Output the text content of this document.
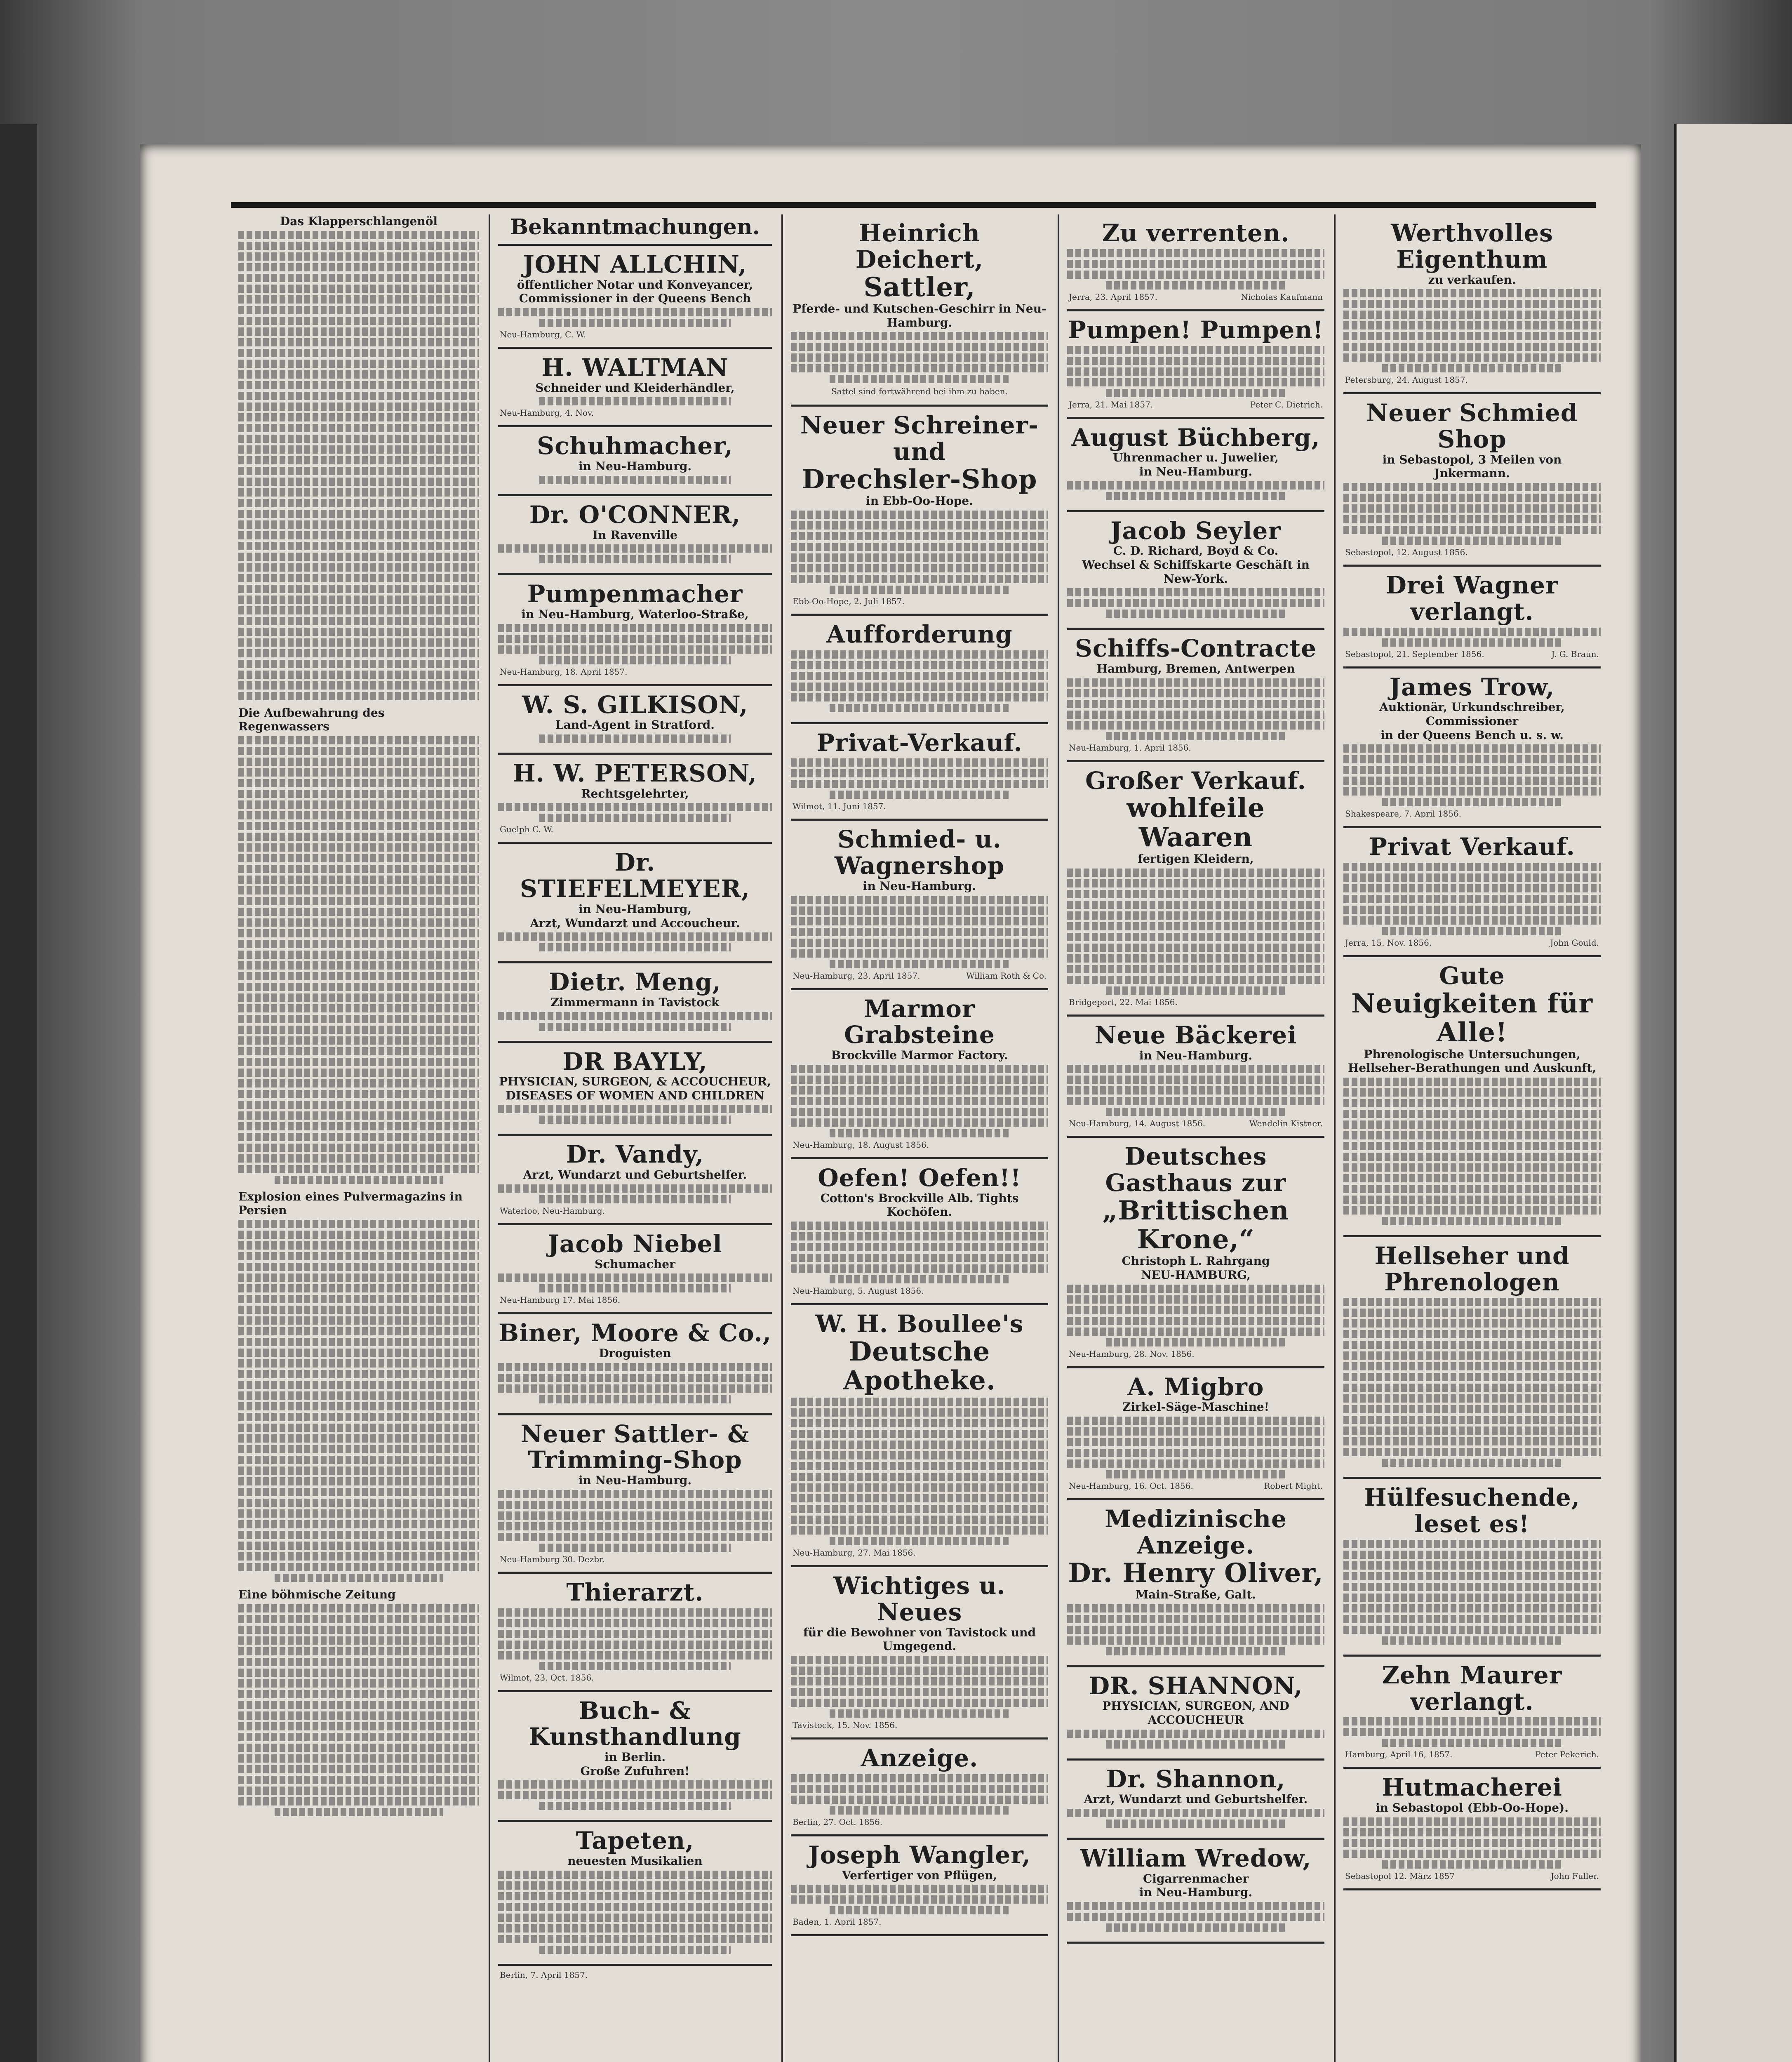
Das Klapperschlangenöl
Die Aufbewahrung des Regenwassers
Explosion eines Pulvermagazins in Persien
Eine böhmische Zeitung
Bekanntmachungen.
JOHN ALLCHIN,
öffentlicher Notar und Konveyancer,
Commissioner in der Queens Bench
Neu-Hamburg, C. W.
H. WALTMAN
Schneider und Kleiderhändler,
Neu-Hamburg, 4. Nov.
Schuhmacher,
in Neu-Hamburg.
Dr. O'CONNER,
In Ravenville
Pumpenmacher
in Neu-Hamburg, Waterloo-Straße,
Neu-Hamburg, 18. April 1857.
W. S. GILKISON,
Land-Agent in Stratford.
H. W. PETERSON,
Rechtsgelehrter,
Guelph C. W.
Dr. STIEFELMEYER,
in Neu-Hamburg,
Arzt, Wundarzt und Accoucheur.
Dietr. Meng,
Zimmermann in Tavistock
DR BAYLY,
PHYSICIAN, SURGEON, & ACCOUCHEUR,
DISEASES OF WOMEN AND CHILDREN
Dr. Vandy,
Arzt, Wundarzt und Geburtshelfer.
Waterloo, Neu-Hamburg.
Jacob Niebel
Schumacher
Neu-Hamburg 17. Mai 1856.
Biner, Moore & Co.,
Droguisten
Neuer Sattler- & Trimming-Shop
in Neu-Hamburg.
Neu-Hamburg 30. Dezbr.
Thierarzt.
Wilmot, 23. Oct. 1856.
Buch- & Kunsthandlung
in Berlin.
Große Zufuhren!
Tapeten,
neuesten Musikalien
Berlin, 7. April 1857.
Heinrich Deichert,
Sattler,
Pferde- und Kutschen-Geschirr in Neu-Hamburg.
Sattel sind fortwährend bei ihm zu haben.
Neuer Schreiner- und
Drechsler-Shop
in Ebb-Oo-Hope.
Ebb-Oo-Hope, 2. Juli 1857.
Aufforderung
Privat-Verkauf.
Wilmot, 11. Juni 1857.
Schmied- u. Wagnershop
in Neu-Hamburg.
Neu-Hamburg, 23. April 1857.	William Roth & Co.
Marmor Grabsteine
Brockville Marmor Factory.
Neu-Hamburg, 18. August 1856.
Oefen! Oefen!!
Cotton's Brockville Alb. Tights Kochöfen.
Neu-Hamburg, 5. August 1856.
W. H. Boullee's
Deutsche Apotheke.
Neu-Hamburg, 27. Mai 1856.
Wichtiges u. Neues
für die Bewohner von Tavistock und Umgegend.
Tavistock, 15. Nov. 1856.
Anzeige.
Berlin, 27. Oct. 1856.
Joseph Wangler,
Verfertiger von Pflügen,
Baden, 1. April 1857.
Zu verrenten.
Jerra, 23. April 1857.	Nicholas Kaufmann
Pumpen! Pumpen!
Jerra, 21. Mai 1857.	Peter C. Dietrich.
August Büchberg,
Uhrenmacher u. Juwelier,
in Neu-Hamburg.
Jacob Seyler
C. D. Richard, Boyd & Co.
Wechsel & Schiffskarte Geschäft in New-York.
Schiffs-Contracte
Hamburg, Bremen, Antwerpen
Neu-Hamburg, 1. April 1856.
Großer Verkauf.
wohlfeile Waaren
fertigen Kleidern,
Bridgeport, 22. Mai 1856.
Neue Bäckerei
in Neu-Hamburg.
Neu-Hamburg, 14. August 1856.	Wendelin Kistner.
Deutsches Gasthaus zur
„Brittischen Krone,“
Christoph L. Rahrgang
NEU-HAMBURG,
Neu-Hamburg, 28. Nov. 1856.
A. Migbro
Zirkel-Säge-Maschine!
Neu-Hamburg, 16. Oct. 1856.	Robert Might.
Medizinische Anzeige.
Dr. Henry Oliver,
Main-Straße, Galt.
DR. SHANNON,
PHYSICIAN, SURGEON, AND
ACCOUCHEUR
Dr. Shannon,
Arzt, Wundarzt und Geburtshelfer.
William Wredow,
Cigarrenmacher
in Neu-Hamburg.
Werthvolles Eigenthum
zu verkaufen.
Petersburg, 24. August 1857.
Neuer Schmied Shop
in Sebastopol, 3 Meilen von Jnkermann.
Sebastopol, 12. August 1856.
Drei Wagner verlangt.
Sebastopol, 21. September 1856.	J. G. Braun.
James Trow,
Auktionär, Urkundschreiber, Commissioner
in der Queens Bench u. s. w.
Shakespeare, 7. April 1856.
Privat Verkauf.
Jerra, 15. Nov. 1856.	John Gould.
Gute
Neuigkeiten für Alle!
Phrenologische Untersuchungen,
Hellseher-Berathungen und Auskunft,
Hellseher und Phrenologen
Hülfesuchende, leset es!
Zehn Maurer verlangt.
Hamburg, April 16, 1857.	Peter Pekerich.
Hutmacherei
in Sebastopol (Ebb-Oo-Hope).
Sebastopol 12. März 1857	John Fuller.
